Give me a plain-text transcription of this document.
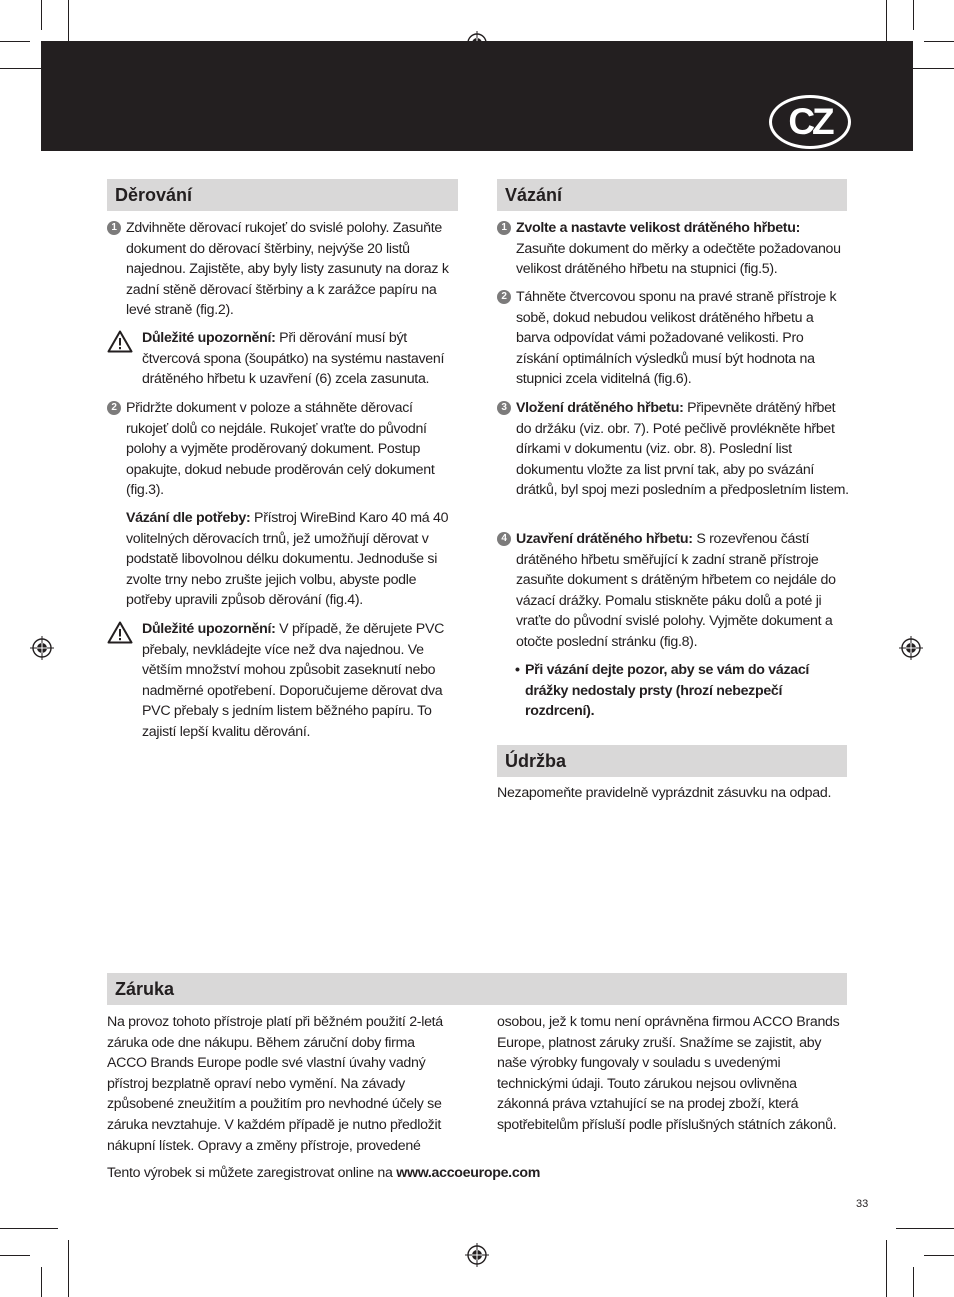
CZ
Děrování
1 Zdvihněte děrovací rukojeť do svislé polohy. Zasuňte dokument do děrovací štěrbiny, nejvýše 20 listů najednou. Zajistěte, aby byly listy zasunuty na doraz k zadní stěně děrovací štěrbiny a k zarážce papíru na levé straně (fig.2).
Důležité upozornění: Při děrování musí být čtvercová spona (šoupátko) na systému nastavení drátěného hřbetu k uzavření (6) zcela zasunuta.
2 Přidržte dokument v poloze a stáhněte děrovací rukojeť dolů co nejdále. Rukojeť vraťte do původní polohy a vyjměte proděrovaný dokument. Postup opakujte, dokud nebude proděrován celý dokument (fig.3).
Vázání dle potřeby: Přístroj WireBind Karo 40 má 40 volitelných děrovacích trnů, jež umožňují děrovat v podstatě libovolnou délku dokumentu. Jednoduše si zvolte trny nebo zrušte jejich volbu, abyste podle potřeby upravili způsob děrování (fig.4).
Důležité upozornění: V případě, že děrujete PVC přebaly, nevkládejte více než dva najednou. Ve větším množství mohou způsobit zaseknutí nebo nadměrné opotřebení. Doporučujeme děrovat dva PVC přebaly s jedním listem běžného papíru. To zajistí lepší kvalitu děrování.
Vázání
1 Zvolte a nastavte velikost drátěného hřbetu: Zasuňte dokument do měrky a odečtěte požadovanou velikost drátěného hřbetu na stupnici (fig.5).
2 Táhněte čtvercovou sponu na pravé straně přístroje k sobě, dokud nebudou velikost drátěného hřbetu a barva odpovídat vámi požadované velikosti. Pro získání optimálních výsledků musí být hodnota na stupnici zcela viditelná (fig.6).
3 Vložení drátěného hřbetu: Připevněte drátěný hřbet do držáku (viz. obr. 7). Poté pečlivě provlékněte hřbet dírkami v dokumentu (viz. obr. 8). Poslední list dokumentu vložte za list první tak, aby po svázání drátků, byl spoj mezi posledním a předposletním listem.
4 Uzavření drátěného hřbetu: S rozevřenou částí drátěného hřbetu směřující k zadní straně přístroje zasuňte dokument s drátěným hřbetem co nejdále do vázací drážky. Pomalu stiskněte páku dolů a poté ji vraťte do původní svislé polohy. Vyjměte dokument a otočte poslední stránku (fig.8).
• Při vázání dejte pozor, aby se vám do vázací drážky nedostaly prsty (hrozí nebezpečí rozdrcení).
Údržba
Nezapomeňte pravidelně vyprázdnit zásuvku na odpad.
Záruka
Na provoz tohoto přístroje platí při běžném použití 2-letá záruka ode dne nákupu. Během záruční doby firma ACCO Brands Europe podle své vlastní úvahy vadný přístroj bezplatně opraví nebo vymění. Na závady způsobené zneužitím a použitím pro nevhodné účely se záruka nevztahuje. V každém případě je nutno předložit nákupní lístek. Opravy a změny přístroje, provedené
osobou, jež k tomu není oprávněna firmou ACCO Brands Europe, platnost záruky zruší. Snažíme se zajistit, aby naše výrobky fungovaly v souladu s uvedenými technickými údaji. Touto zárukou nejsou ovlivněna zákonná práva vztahující se na prodej zboží, která spotřebitelům přísluší podle příslušných státních zákonů.
Tento výrobek si můžete zaregistrovat online na www.accoeurope.com
33
